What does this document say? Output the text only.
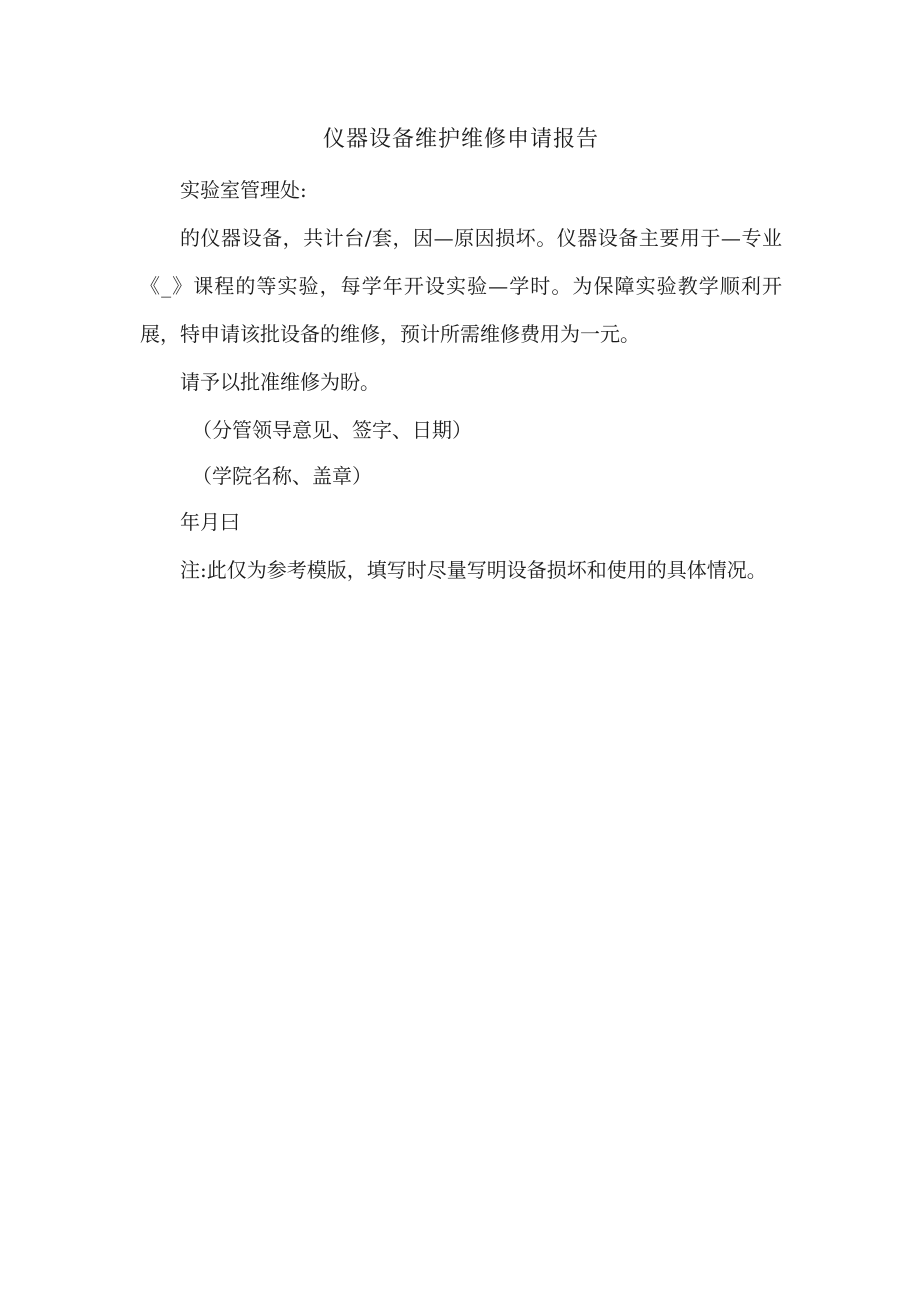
仪器设备维护维修申请报告
实验室管理处:
的仪器设备，共计台/套，因—原因损坏。仪器设备主要用于—专业《_》课程的等实验，每学年开设实验—学时。为保障实验教学顺利开展，特申请该批设备的维修，预计所需维修费用为一元。
请予以批准维修为盼。
（分管领导意见、签字、日期）
（学院名称、盖章）
年月曰
注:此仅为参考模版，填写时尽量写明设备损坏和使用的具体情况。
